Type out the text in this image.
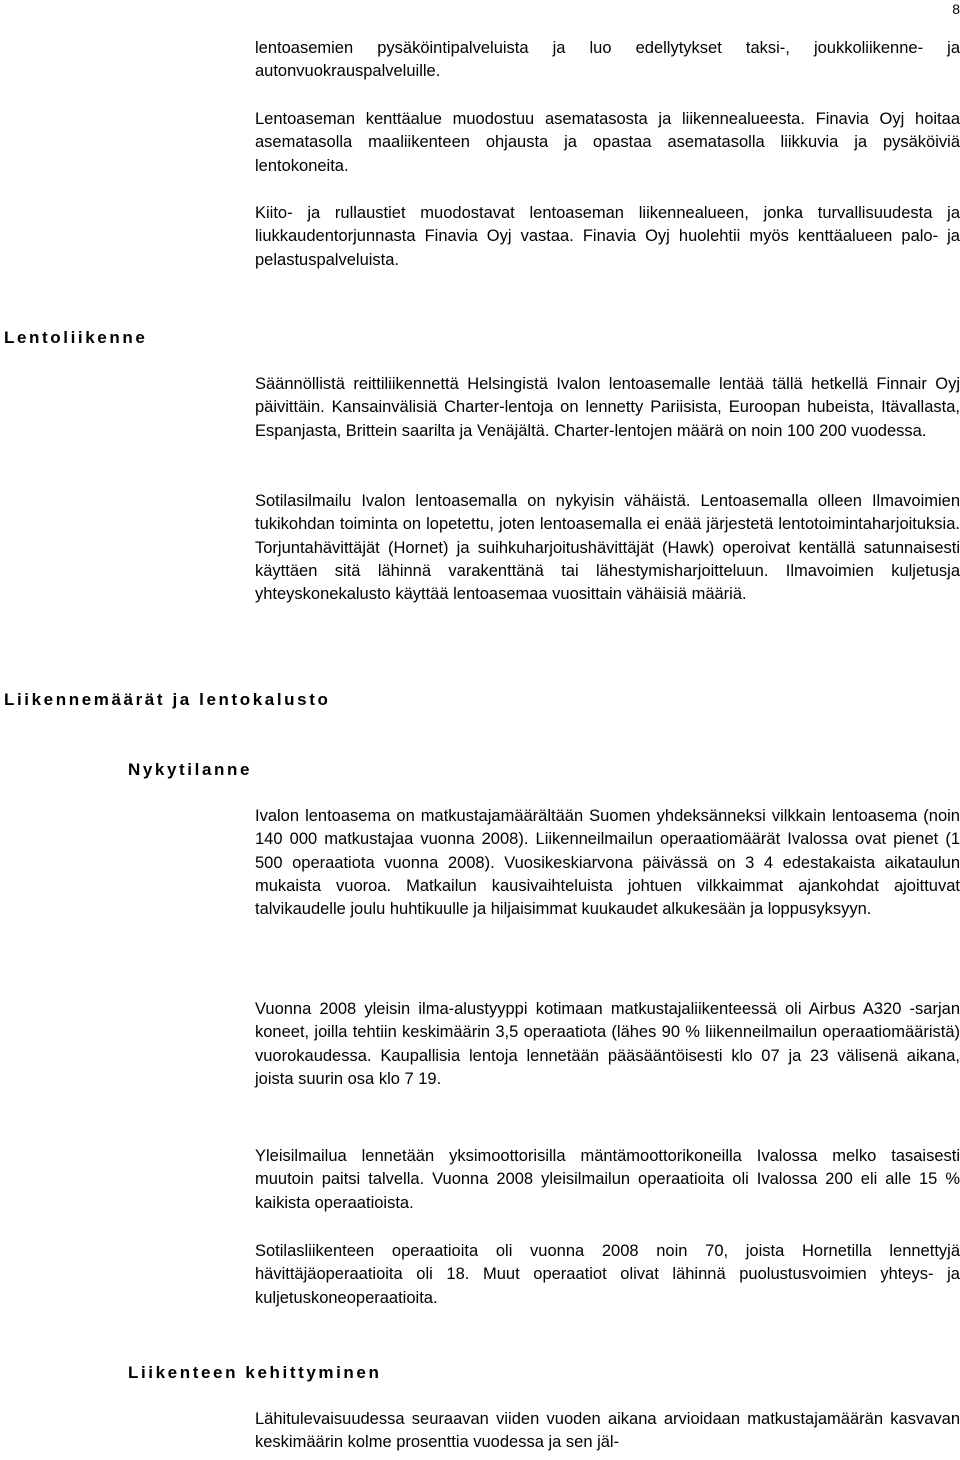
8

lentoasemien pysäköintipalveluista ja luo edellytykset taksi-, joukkoliikenne- ja autonvuokrauspalveluille.

Lentoaseman kenttäalue muodostuu asematasosta ja liikennealueesta. Finavia Oyj hoitaa asematasolla maaliikenteen ohjausta ja opastaa asematasolla liikkuvia ja pysäköiviä lentokoneita.

Kiito- ja rullaustiet muodostavat lentoaseman liikennealueen, jonka turvallisuudesta ja liukkaudentorjunnasta Finavia Oyj vastaa. Finavia Oyj huolehtii myös kenttäalueen palo- ja pelastuspalveluista.

Lentoliikenne

Säännöllistä reittiliikennettä Helsingistä Ivalon lentoasemalle lentää tällä hetkellä Finnair Oyj päivittäin. Kansainvälisiä Charter-lentoja on lennetty Pariisista, Euroopan hubeista, Itävallasta, Espanjasta, Brittein saarilta ja Venäjältä. Charter-lentojen määrä on noin 100 200 vuodessa.

Sotilasilmailu Ivalon lentoasemalla on nykyisin vähäistä. Lentoasemalla olleen Ilmavoimien tukikohdan toiminta on lopetettu, joten lentoasemalla ei enää järjestetä lentotoimintaharjoituksia. Torjuntahävittäjät (Hornet) ja suihkuharjoitushävittäjät (Hawk) operoivat kentällä satunnaisesti käyttäen sitä lähinnä varakenttänä tai lähestymisharjoitteluun. Ilmavoimien kuljetusja yhteyskonekalusto käyttää lentoasemaa vuosittain vähäisiä määriä.

Liikennemäärät ja lentokalusto
Nykytilanne

Ivalon lentoasema on matkustajamäärältään Suomen yhdeksänneksi vilkkain lentoasema (noin 140 000 matkustajaa vuonna 2008). Liikenneilmailun operaatiomäärät Ivalossa ovat pienet (1 500 operaatiota vuonna 2008). Vuosikeskiarvona päivässä on 3 4 edestakaista aikataulun mukaista vuoroa. Matkailun kausivaihteluista johtuen vilkkaimmat ajankohdat ajoittuvat talvikaudelle joulu huhtikuulle ja hiljaisimmat kuukaudet alkukesään ja loppusyksyyn.

Vuonna 2008 yleisin ilma-alustyyppi kotimaan matkustajaliikenteessä oli Airbus A320 -sarjan koneet, joilla tehtiin keskimäärin 3,5 operaatiota (lähes 90 % liikenneilmailun operaatiomääristä) vuorokaudessa. Kaupallisia lentoja lennetään pääsääntöisesti klo 07 ja 23 välisenä aikana, joista suurin osa klo 7 19.

Yleisilmailua lennetään yksimoottorisilla mäntämoottorikoneilla Ivalossa melko tasaisesti muutoin paitsi talvella. Vuonna 2008 yleisilmailun operaatioita oli Ivalossa 200 eli alle 15 % kaikista operaatioista.

Sotilasliikenteen operaatioita oli vuonna 2008 noin 70, joista Hornetilla lennettyjä hävittäjäoperaatioita oli 18. Muut operaatiot olivat lähinnä puolustusvoimien yhteys- ja kuljetuskoneoperaatioita.

Liikenteen kehittyminen

Lähitulevaisuudessa seuraavan viiden vuoden aikana arvioidaan matkustajamäärän kasvavan keskimäärin kolme prosenttia vuodessa ja sen jäl-
